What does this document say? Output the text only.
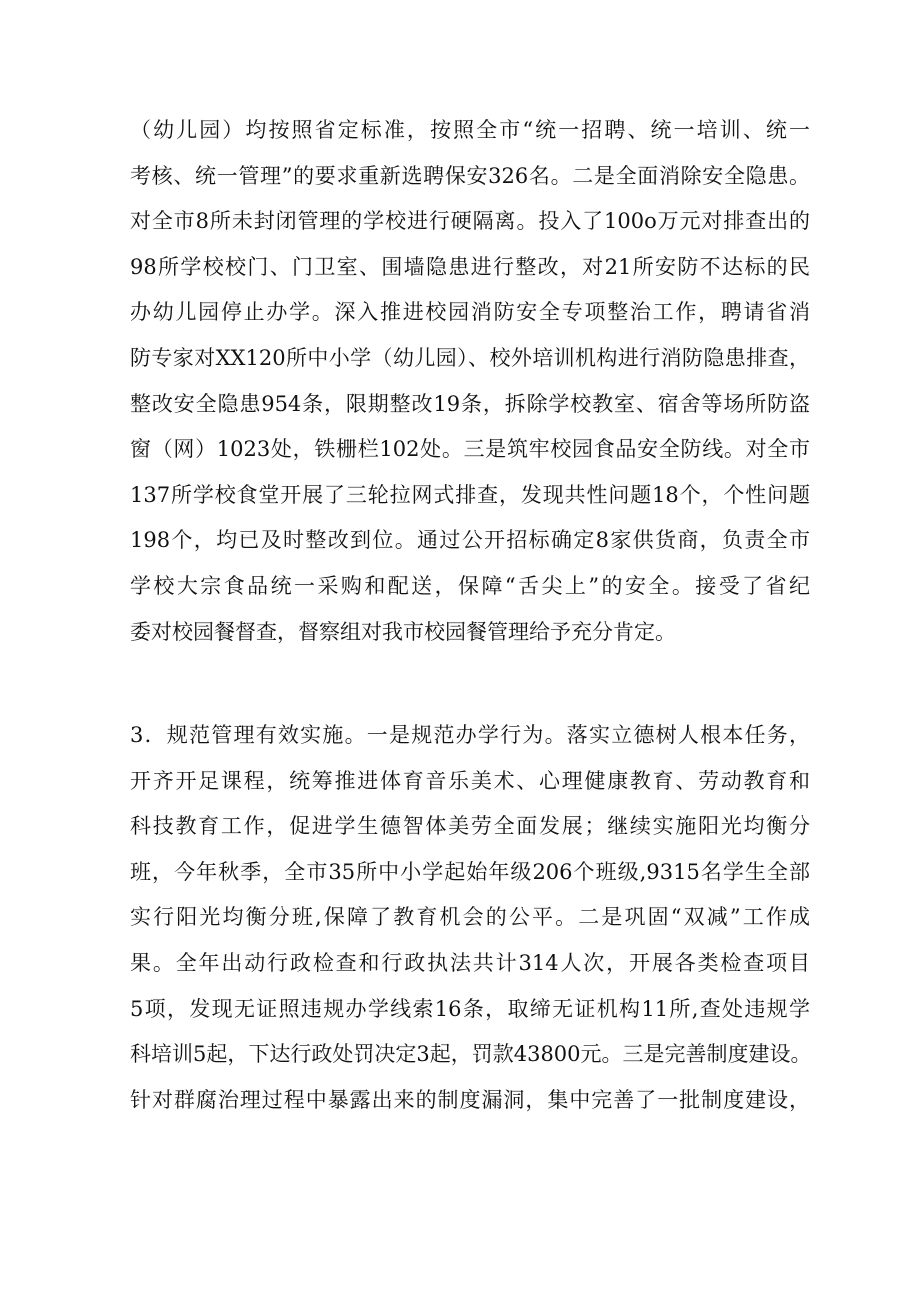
（幼儿园）均按照省定标准，按照全市“统一招聘、统一培训、统一
考核、统一管理”的要求重新选聘保安326名。二是全面消除安全隐患。
对全市8所未封闭管理的学校进行硬隔离。投入了100o万元对排查出的
98所学校校门、门卫室、围墙隐患进行整改，对21所安防不达标的民
办幼儿园停止办学。深入推进校园消防安全专项整治工作，聘请省消
防专家对XX120所中小学（幼儿园）、校外培训机构进行消防隐患排查，
整改安全隐患954条，限期整改19条，拆除学校教室、宿舍等场所防盗
窗（网）1023处，铁栅栏102处。三是筑牢校园食品安全防线。对全市
137所学校食堂开展了三轮拉网式排查，发现共性问题18个，个性问题
198个，均已及时整改到位。通过公开招标确定8家供货商，负责全市
学校大宗食品统一采购和配送，保障“舌尖上”的安全。接受了省纪
委对校园餐督查，督察组对我市校园餐管理给予充分肯定。
3．规范管理有效实施。一是规范办学行为。落实立德树人根本任务，
开齐开足课程，统筹推进体育音乐美术、心理健康教育、劳动教育和
科技教育工作，促进学生德智体美劳全面发展；继续实施阳光均衡分
班，今年秋季，全市35所中小学起始年级206个班级,9315名学生全部
实行阳光均衡分班,保障了教育机会的公平。二是巩固“双减”工作成
果。全年出动行政检查和行政执法共计314人次，开展各类检查项目
5项，发现无证照违规办学线索16条，取缔无证机构11所,查处违规学
科培训5起，下达行政处罚决定3起，罚款43800元。三是完善制度建设。
针对群腐治理过程中暴露出来的制度漏洞，集中完善了一批制度建设，
